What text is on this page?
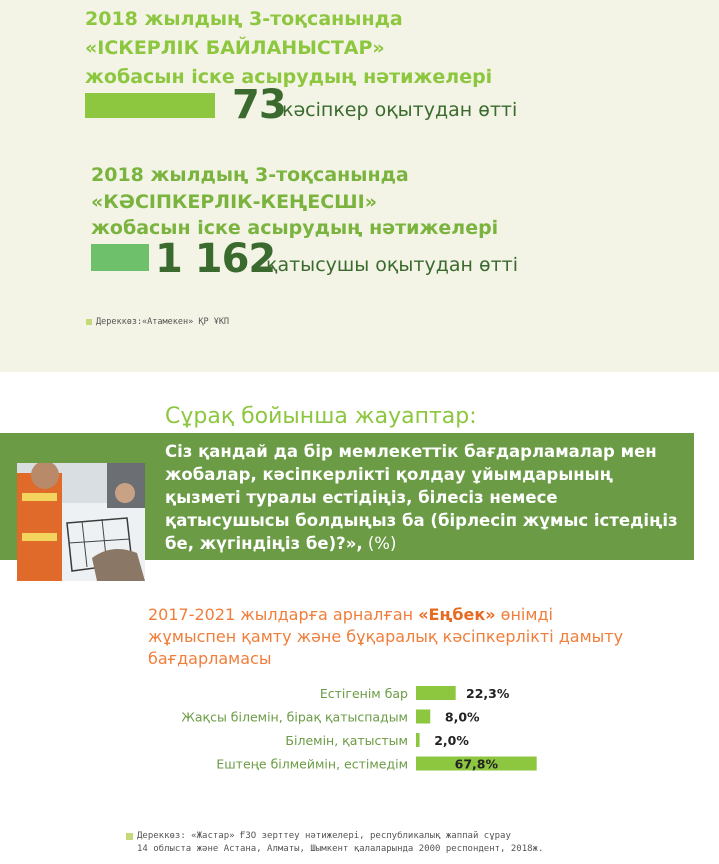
2018 жылдың 3-тоқсанында
«ІСКЕРЛІК БАЙЛАНЫСТАР»
жобасын іске асырудың нәтижелері
73
кәсіпкер оқытудан өтті
2018 жылдың 3-тоқсанында
«КӘСІПКЕРЛІК-КЕҢЕСШІ»
жобасын іске асырудың нәтижелері
1 162
қатысушы оқытудан өтті
Дереккөз:«Атамекен» ҚР ҰКП
Сұрақ бойынша жауаптар:
Сіз қандай да бір мемлекеттік бағдарламалар мен жобалар, кәсіпкерлікті қолдау ұйымдарының қызметі туралы естідіңіз, білесіз немесе қатысушысы болдыңыз ба (бірлесіп жұмыс істедіңіз бе, жүгіндіңіз бе)?», (%)
2017-2021 жылдарға арналған «Еңбек» өнімді жұмыспен қамту және бұқаралық кәсіпкерлікті дамыту бағдарламасы
Естігенім бар	22,3%
Жақсы білемін, бірақ қатыспадым	8,0%
Білемін, қатыстым 2,0%
Ештеңе білмеймін, естімедім	67,8%
Дереккөз: «Жастар» ҒЗО зерттеу нәтижелері, республикалық жаппай сұрау
14 облыста және Астана, Алматы, Шымкент қалаларында 2000 респондент, 2018ж.
